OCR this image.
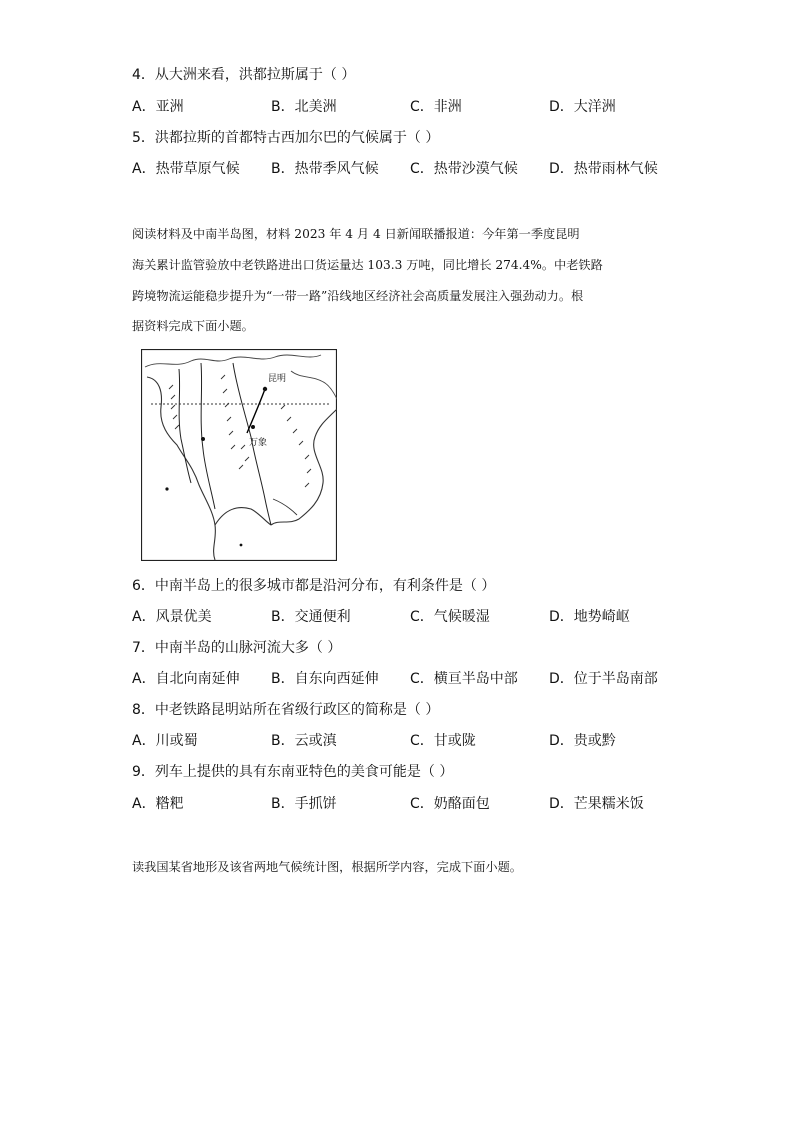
4．从大洲来看，洪都拉斯属于（ ）
A．亚洲	B．北美洲	C．非洲	D．大洋洲
5．洪都拉斯的首都特古西加尔巴的气候属于（ ）
A．热带草原气候 B．热带季风气候 C．热带沙漠气候 D．热带雨林气候
阅读材料及中南半岛图，材料 2023 年 4 月 4 日新闻联播报道：今年第一季度昆明
海关累计监管验放中老铁路进出口货运量达 103.3 万吨，同比增长 274.4%。中老铁路
跨境物流运能稳步提升为“一带一路”沿线地区经济社会高质量发展注入强劲动力。根
据资料完成下面小题。
昆明
万象
6．中南半岛上的很多城市都是沿河分布，有利条件是（ ）
A．风景优美	B．交通便利	C．气候暖湿	D．地势崎岖
7．中南半岛的山脉河流大多（ ）
A．自北向南延伸 B．自东向西延伸 C．横亘半岛中部 D．位于半岛南部
8．中老铁路昆明站所在省级行政区的简称是（ ）
A．川或蜀	B．云或滇	C．甘或陇	D．贵或黔
9．列车上提供的具有东南亚特色的美食可能是（ ）
A．糌粑	B．手抓饼	C．奶酪面包	D．芒果糯米饭
读我国某省地形及该省两地气候统计图，根据所学内容，完成下面小题。
